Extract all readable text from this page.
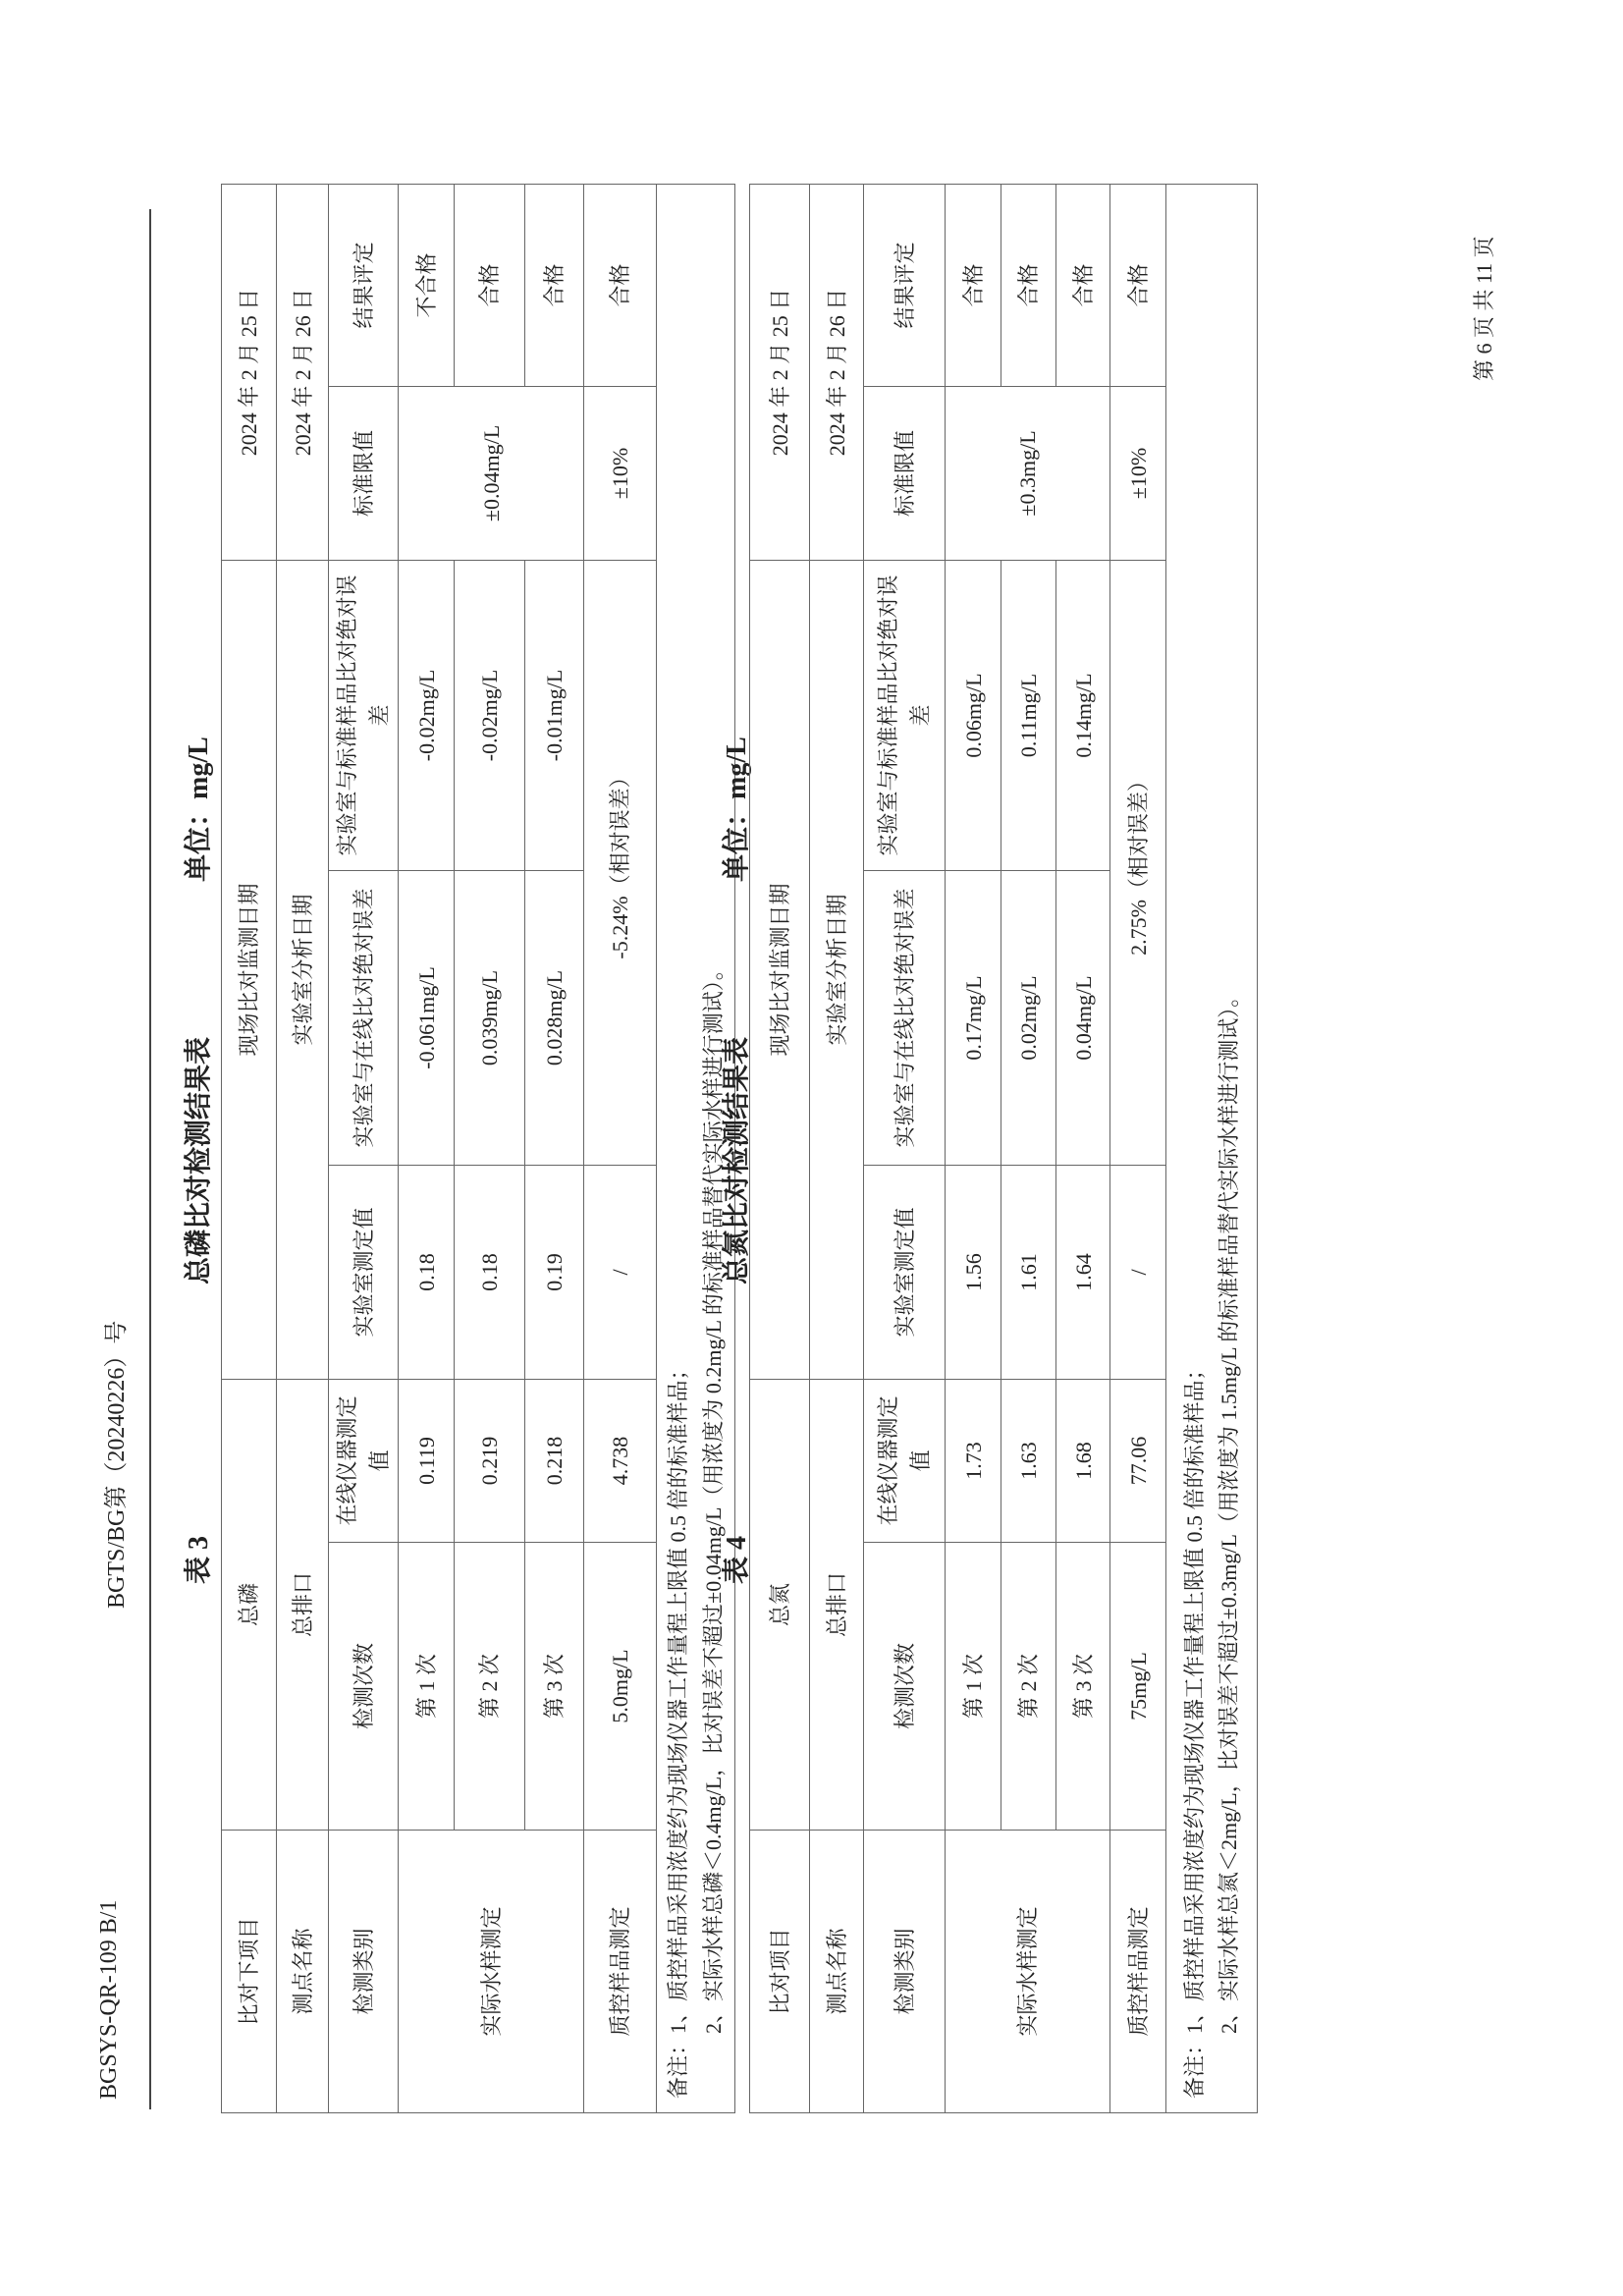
BGSYS-QR-109 B/1
BGTS/BG第（20240226）号 表 3
总磷比对检测结果表
单位：mg/L
比对下项目	总磷		现场比对监测日期			2024 年 2 月 25 日	
测点名称	总排口		实验室分析日期			2024 年 2 月 26 日	
检测类别	检测次数	在线仪器测定值	实验室测定值	实验室与在线比对绝对误差	实验室与标准样品比对绝对误差	标准限值	结果评定
实际水样测定	第 1 次	0.119	0.18	-0.061mg/L	-0.02mg/L	±0.04mg/L	不合格
	第 2 次	0.219	0.18	0.039mg/L	-0.02mg/L		合格
	第 3 次	0.218	0.19	0.028mg/L	-0.01mg/L		合格
质控样品测定	5.0mg/L	4.738	/	-5.24%（相对误差）		±10%	合格

备注：1、质控样品采用浓度约为现场仪器工作量程上限值 0.5 倍的标准样品； 2、实际水样总磷＜0.4mg/L，比对误差不超过±0.04mg/L（用浓度为 0.2mg/L 的标准样品替代实际水样进行测试）。							
表 4
总氮比对检测结果表
单位：mg/L
比对项目	总氮		现场比对监测日期			2024 年 2 月 25 日	
测点名称	总排口		实验室分析日期			2024 年 2 月 26 日	
检测类别	检测次数	在线仪器测定值	实验室测定值	实验室与在线比对绝对误差	实验室与标准样品比对绝对误差	标准限值	结果评定
实际水样测定	第 1 次	1.73	1.56	0.17mg/L	0.06mg/L	±0.3mg/L	合格
	第 2 次	1.63	1.61	0.02mg/L	0.11mg/L		合格
	第 3 次	1.68	1.64	0.04mg/L	0.14mg/L		合格
质控样品测定	75mg/L	77.06	/	2.75%（相对误差）		±10%	合格

备注：1、质控样品采用浓度约为现场仪器工作量程上限值 0.5 倍的标准样品； 2、实际水样总氮＜2mg/L，比对误差不超过±0.3mg/L（用浓度为 1.5mg/L 的标准样品替代实际水样进行测试）。							
第 6 页 共 11 页
